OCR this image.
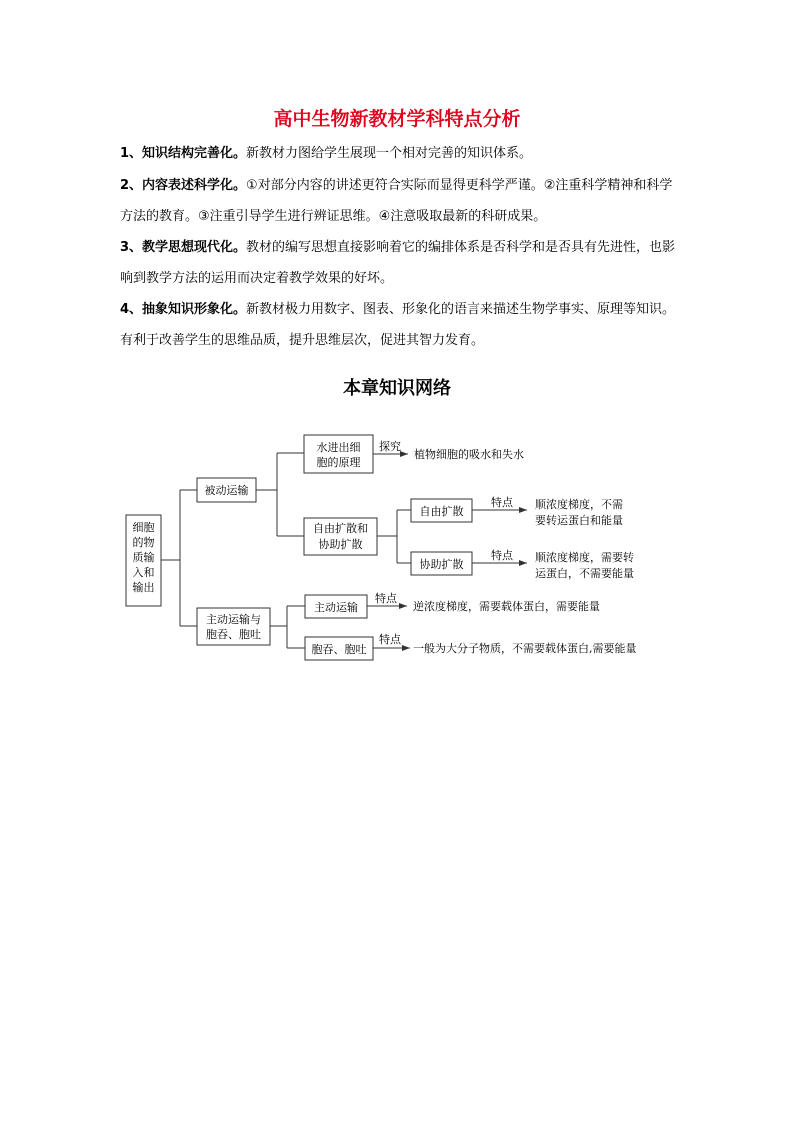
高中生物新教材学科特点分析
1、知识结构完善化。新教材力图给学生展现一个相对完善的知识体系。
2、内容表述科学化。①对部分内容的讲述更符合实际而显得更科学严谨。②注重科学精神和科学方法的教育。③注重引导学生进行辨证思维。④注意吸取最新的科研成果。
3、教学思想现代化。教材的编写思想直接影响着它的编排体系是否科学和是否具有先进性，也影响到教学方法的运用而决定着教学效果的好坏。
4、抽象知识形象化。新教材极力用数字、图表、形象化的语言来描述生物学事实、原理等知识。有利于改善学生的思维品质，提升思维层次，促进其智力发育。
本章知识网络
细胞
的物
质输
入和
输出
被动运输
水进出细
胞的原理
探究
植物细胞的吸水和失水
自由扩散和
协助扩散
自由扩散
协助扩散
特点
特点
顺浓度梯度，不需
要转运蛋白和能量
顺浓度梯度，需要转
运蛋白，不需要能量
主动运输与
胞吞、胞吐
主动运输
特点
逆浓度梯度，需要载体蛋白，需要能量
胞吞、胞吐
特点
一般为大分子物质，不需要载体蛋白,需要能量
